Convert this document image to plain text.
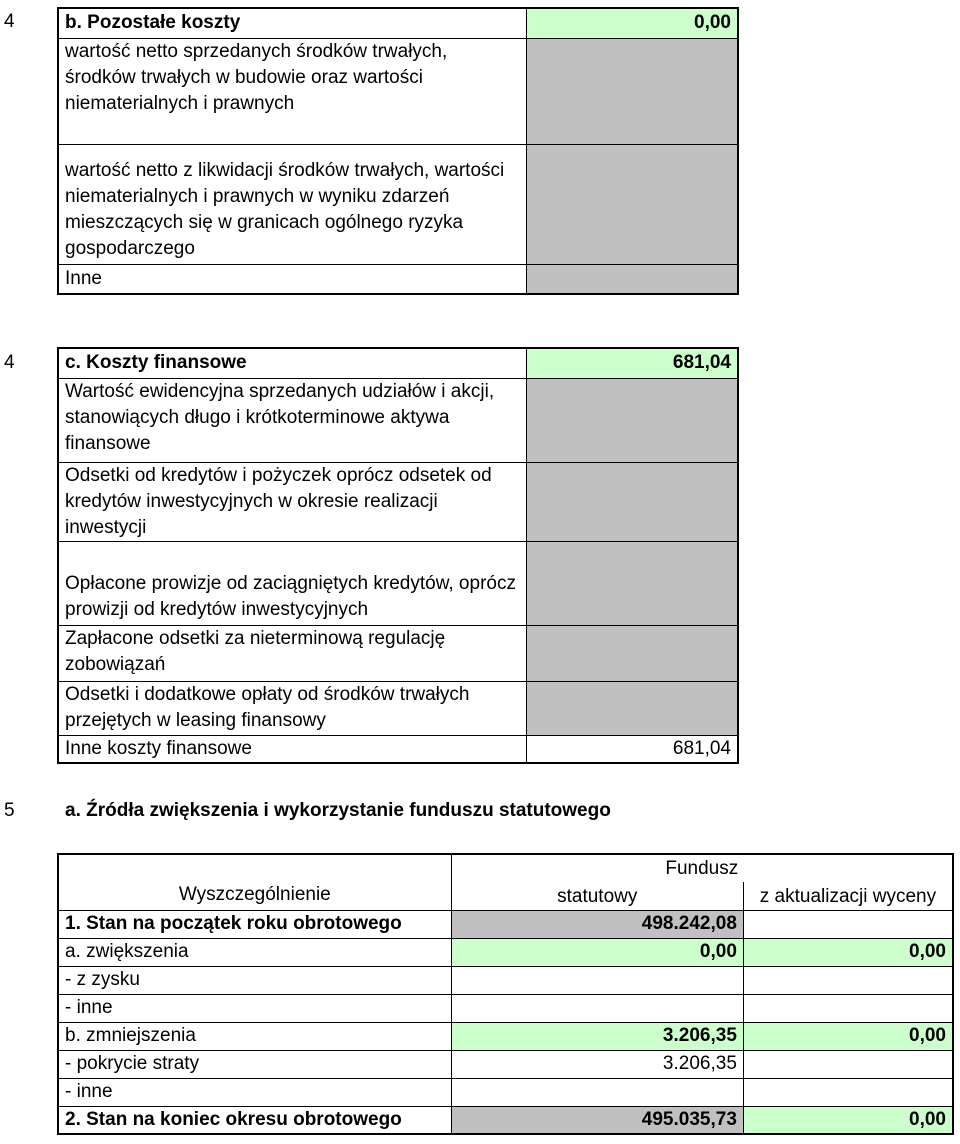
4	b. Pozostałe koszty	0,00
wartość netto sprzedanych środków trwałych, środków trwałych w budowie oraz wartości niematerialnych i prawnych	
wartość netto z likwidacji środków trwałych, wartości niematerialnych i prawnych w wyniku zdarzeń mieszczących się w granicach ogólnego ryzyka gospodarczego	
Inne	
4	c. Koszty finansowe	681,04
Wartość ewidencyjna sprzedanych udziałów i akcji, stanowiących długo i krótkoterminowe aktywa finansowe	
Odsetki od kredytów i pożyczek oprócz odsetek od kredytów inwestycyjnych w okresie realizacji inwestycji	
Opłacone prowizje od zaciągniętych kredytów, oprócz prowizji od kredytów inwestycyjnych	
Zapłacone odsetki za nieterminową regulację zobowiązań	
Odsetki i dodatkowe opłaty od środków trwałych przejętych w leasing finansowy	
Inne koszty finansowe	681,04
5	a. Źródła zwiększenia i wykorzystanie funduszu statutowego
Wyszczególnienie	Fundusz	
	statutowy	z aktualizacji wyceny
1. Stan na początek roku obrotowego	498.242,08	
a. zwiększenia	0,00	0,00
- z zysku		
- inne		
b. zmniejszenia	3.206,35	0,00
- pokrycie straty	3.206,35	
- inne		
2. Stan na koniec okresu obrotowego	495.035,73	0,00
